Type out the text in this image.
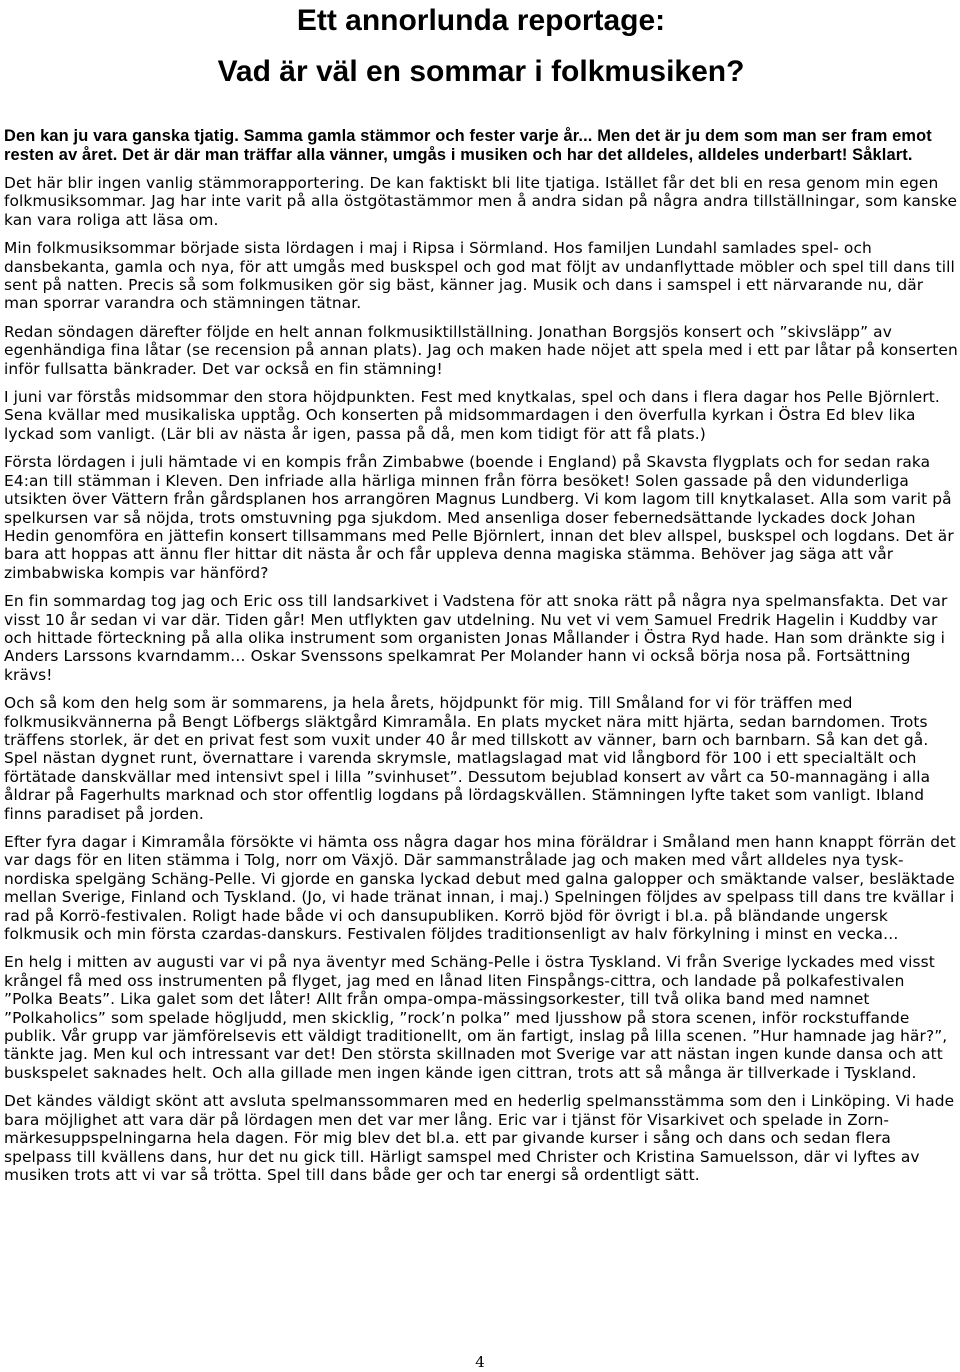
Ett annorlunda reportage:
Vad är väl en sommar i folkmusiken?

Den kan ju vara ganska tjatig. Samma gamla stämmor och fester varje år... Men det är ju dem som man ser fram emot resten av året. Det är där man träffar alla vänner, umgås i musiken och har det alldeles, alldeles underbart! Såklart.

Det här blir ingen vanlig stämmorapportering. De kan faktiskt bli lite tjatiga. Istället får det bli en resa genom min egen folkmusiksommar. Jag har inte varit på alla östgötastämmor men å andra sidan på några andra tillställningar, som kanske kan vara roliga att läsa om.

Min folkmusiksommar började sista lördagen i maj i Ripsa i Sörmland. Hos familjen Lundahl samlades spel- och dansbekanta, gamla och nya, för att umgås med buskspel och god mat följt av undanflyttade möbler och spel till dans till sent på natten. Precis så som folkmusiken gör sig bäst, känner jag. Musik och dans i samspel i ett närvarande nu, där man sporrar varandra och stämningen tätnar.

Redan söndagen därefter följde en helt annan folkmusiktillställning. Jonathan Borgsjös konsert och ”skivsläpp” av egenhändiga fina låtar (se recension på annan plats). Jag och maken hade nöjet att spela med i ett par låtar på konserten inför fullsatta bänkrader. Det var också en fin stämning!

I juni var förstås midsommar den stora höjdpunkten. Fest med knytkalas, spel och dans i flera dagar hos Pelle Björnlert. Sena kvällar med musikaliska upptåg. Och konserten på midsommardagen i den överfulla kyrkan i Östra Ed blev lika lyckad som vanligt. (Lär bli av nästa år igen, passa på då, men kom tidigt för att få plats.)

Första lördagen i juli hämtade vi en kompis från Zimbabwe (boende i England) på Skavsta flygplats och for sedan raka E4:an till stämman i Kleven. Den infriade alla härliga minnen från förra besöket! Solen gassade på den vidunderliga utsikten över Vättern från gårdsplanen hos arrangören Magnus Lundberg. Vi kom lagom till knytkalaset. Alla som varit på spelkursen var så nöjda, trots omstuvning pga sjukdom. Med ansenliga doser febernedsättande lyckades dock Johan Hedin genomföra en jättefin konsert tillsammans med Pelle Björnlert, innan det blev allspel, buskspel och logdans. Det är bara att hoppas att ännu fler hittar dit nästa år och får uppleva denna magiska stämma. Behöver jag säga att vår zimbabwiska kompis var hänförd?

En fin sommardag tog jag och Eric oss till landsarkivet i Vadstena för att snoka rätt på några nya spelmansfakta. Det var visst 10 år sedan vi var där. Tiden går! Men utflykten gav utdelning. Nu vet vi vem Samuel Fredrik Hagelin i Kuddby var och hittade förteckning på alla olika instrument som organisten Jonas Mållander i Östra Ryd hade. Han som dränkte sig i Anders Larssons kvarndamm… Oskar Svenssons spelkamrat Per Molander hann vi också börja nosa på. Fortsättning krävs!

Och så kom den helg som är sommarens, ja hela årets, höjdpunkt för mig. Till Småland for vi för träffen med folkmusikvännerna på Bengt Löfbergs släktgård Kimramåla. En plats mycket nära mitt hjärta, sedan barndomen. Trots träffens storlek, är det en privat fest som vuxit under 40 år med tillskott av vänner, barn och barnbarn. Så kan det gå. Spel nästan dygnet runt, övernattare i varenda skrymsle, matlagslagad mat vid långbord för 100 i ett specialtält och förtätade danskvällar med intensivt spel i lilla ”svinhuset”. Dessutom bejublad konsert av vårt ca 50-mannagäng i alla åldrar på Fagerhults marknad och stor offentlig logdans på lördagskvällen. Stämningen lyfte taket som vanligt. Ibland finns paradiset på jorden.

Efter fyra dagar i Kimramåla försökte vi hämta oss några dagar hos mina föräldrar i Småland men hann knappt förrän det var dags för en liten stämma i Tolg, norr om Växjö. Där sammanstrålade jag och maken med vårt alldeles nya tysk-nordiska spelgäng Schäng-Pelle. Vi gjorde en ganska lyckad debut med galna galopper och smäktande valser, besläktade mellan Sverige, Finland och Tyskland. (Jo, vi hade tränat innan, i maj.) Spelningen följdes av spelpass till dans tre kvällar i rad på Korrö-festivalen. Roligt hade både vi och dansupubliken. Korrö bjöd för övrigt i bl.a. på bländande ungersk folkmusik och min första czardas-danskurs. Festivalen följdes traditionsenligt av halv förkylning i minst en vecka…

En helg i mitten av augusti var vi på nya äventyr med Schäng-Pelle i östra Tyskland. Vi från Sverige lyckades med visst krångel få med oss instrumenten på flyget, jag med en lånad liten Finspångs-cittra, och landade på polkafestivalen ”Polka Beats”. Lika galet som det låter! Allt från ompa-ompa-mässingsorkester, till två olika band med namnet ”Polkaholics” som spelade högljudd, men skicklig, ”rock’n polka” med ljusshow på stora scenen, inför rockstuffande publik. Vår grupp var jämförelsevis ett väldigt traditionellt, om än fartigt, inslag på lilla scenen. ”Hur hamnade jag här?”, tänkte jag. Men kul och intressant var det! Den största skillnaden mot Sverige var att nästan ingen kunde dansa och att buskspelet saknades helt. Och alla gillade men ingen kände igen cittran, trots att så många är tillverkade i Tyskland.

Det kändes väldigt skönt att avsluta spelmanssommaren med en hederlig spelmansstämma som den i Linköping. Vi hade bara möjlighet att vara där på lördagen men det var mer lång. Eric var i tjänst för Visarkivet och spelade in Zorn-märkesuppspelningarna hela dagen. För mig blev det bl.a. ett par givande kurser i sång och dans och sedan flera spelpass till kvällens dans, hur det nu gick till. Härligt samspel med Christer och Kristina Samuelsson, där vi lyftes av musiken trots att vi var så trötta. Spel till dans både ger och tar energi så ordentligt sätt.

4
